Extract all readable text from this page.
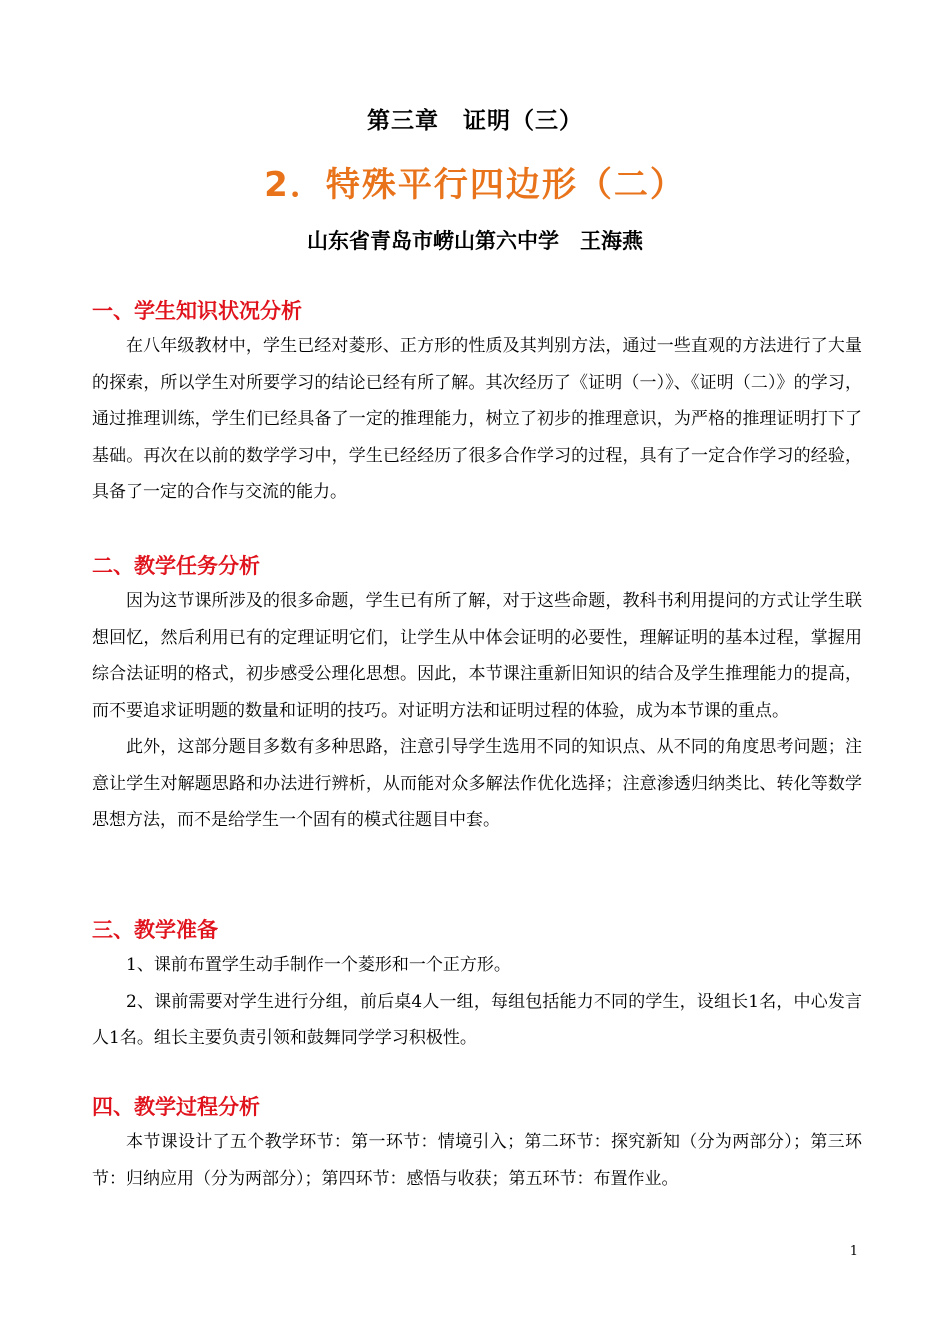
第三章　证明（三）
2．特殊平行四边形（二）
山东省青岛市崂山第六中学　王海燕
一、学生知识状况分析

在八年级教材中，学生已经对菱形、正方形的性质及其判别方法，通过一些直观的方法进行了大量的探索，所以学生对所要学习的结论已经有所了解。其次经历了《证明（一）》、《证明（二）》的学习，通过推理训练，学生们已经具备了一定的推理能力，树立了初步的推理意识，为严格的推理证明打下了基础。再次在以前的数学学习中，学生已经经历了很多合作学习的过程，具有了一定合作学习的经验，具备了一定的合作与交流的能力。

二、教学任务分析

因为这节课所涉及的很多命题，学生已有所了解，对于这些命题，教科书利用提问的方式让学生联想回忆，然后利用已有的定理证明它们，让学生从中体会证明的必要性，理解证明的基本过程，掌握用综合法证明的格式，初步感受公理化思想。因此，本节课注重新旧知识的结合及学生推理能力的提高，而不要追求证明题的数量和证明的技巧。对证明方法和证明过程的体验，成为本节课的重点。

此外，这部分题目多数有多种思路，注意引导学生选用不同的知识点、从不同的角度思考问题；注意让学生对解题思路和办法进行辨析，从而能对众多解法作优化选择；注意渗透归纳类比、转化等数学思想方法，而不是给学生一个固有的模式往题目中套。

三、教学准备

1、课前布置学生动手制作一个菱形和一个正方形。

2、课前需要对学生进行分组，前后桌4人一组，每组包括能力不同的学生，设组长1名，中心发言人1名。组长主要负责引领和鼓舞同学学习积极性。

四、教学过程分析

本节课设计了五个教学环节：第一环节：情境引入；第二环节：探究新知（分为两部分）；第三环节：归纳应用（分为两部分）；第四环节：感悟与收获；第五环节：布置作业。

1
